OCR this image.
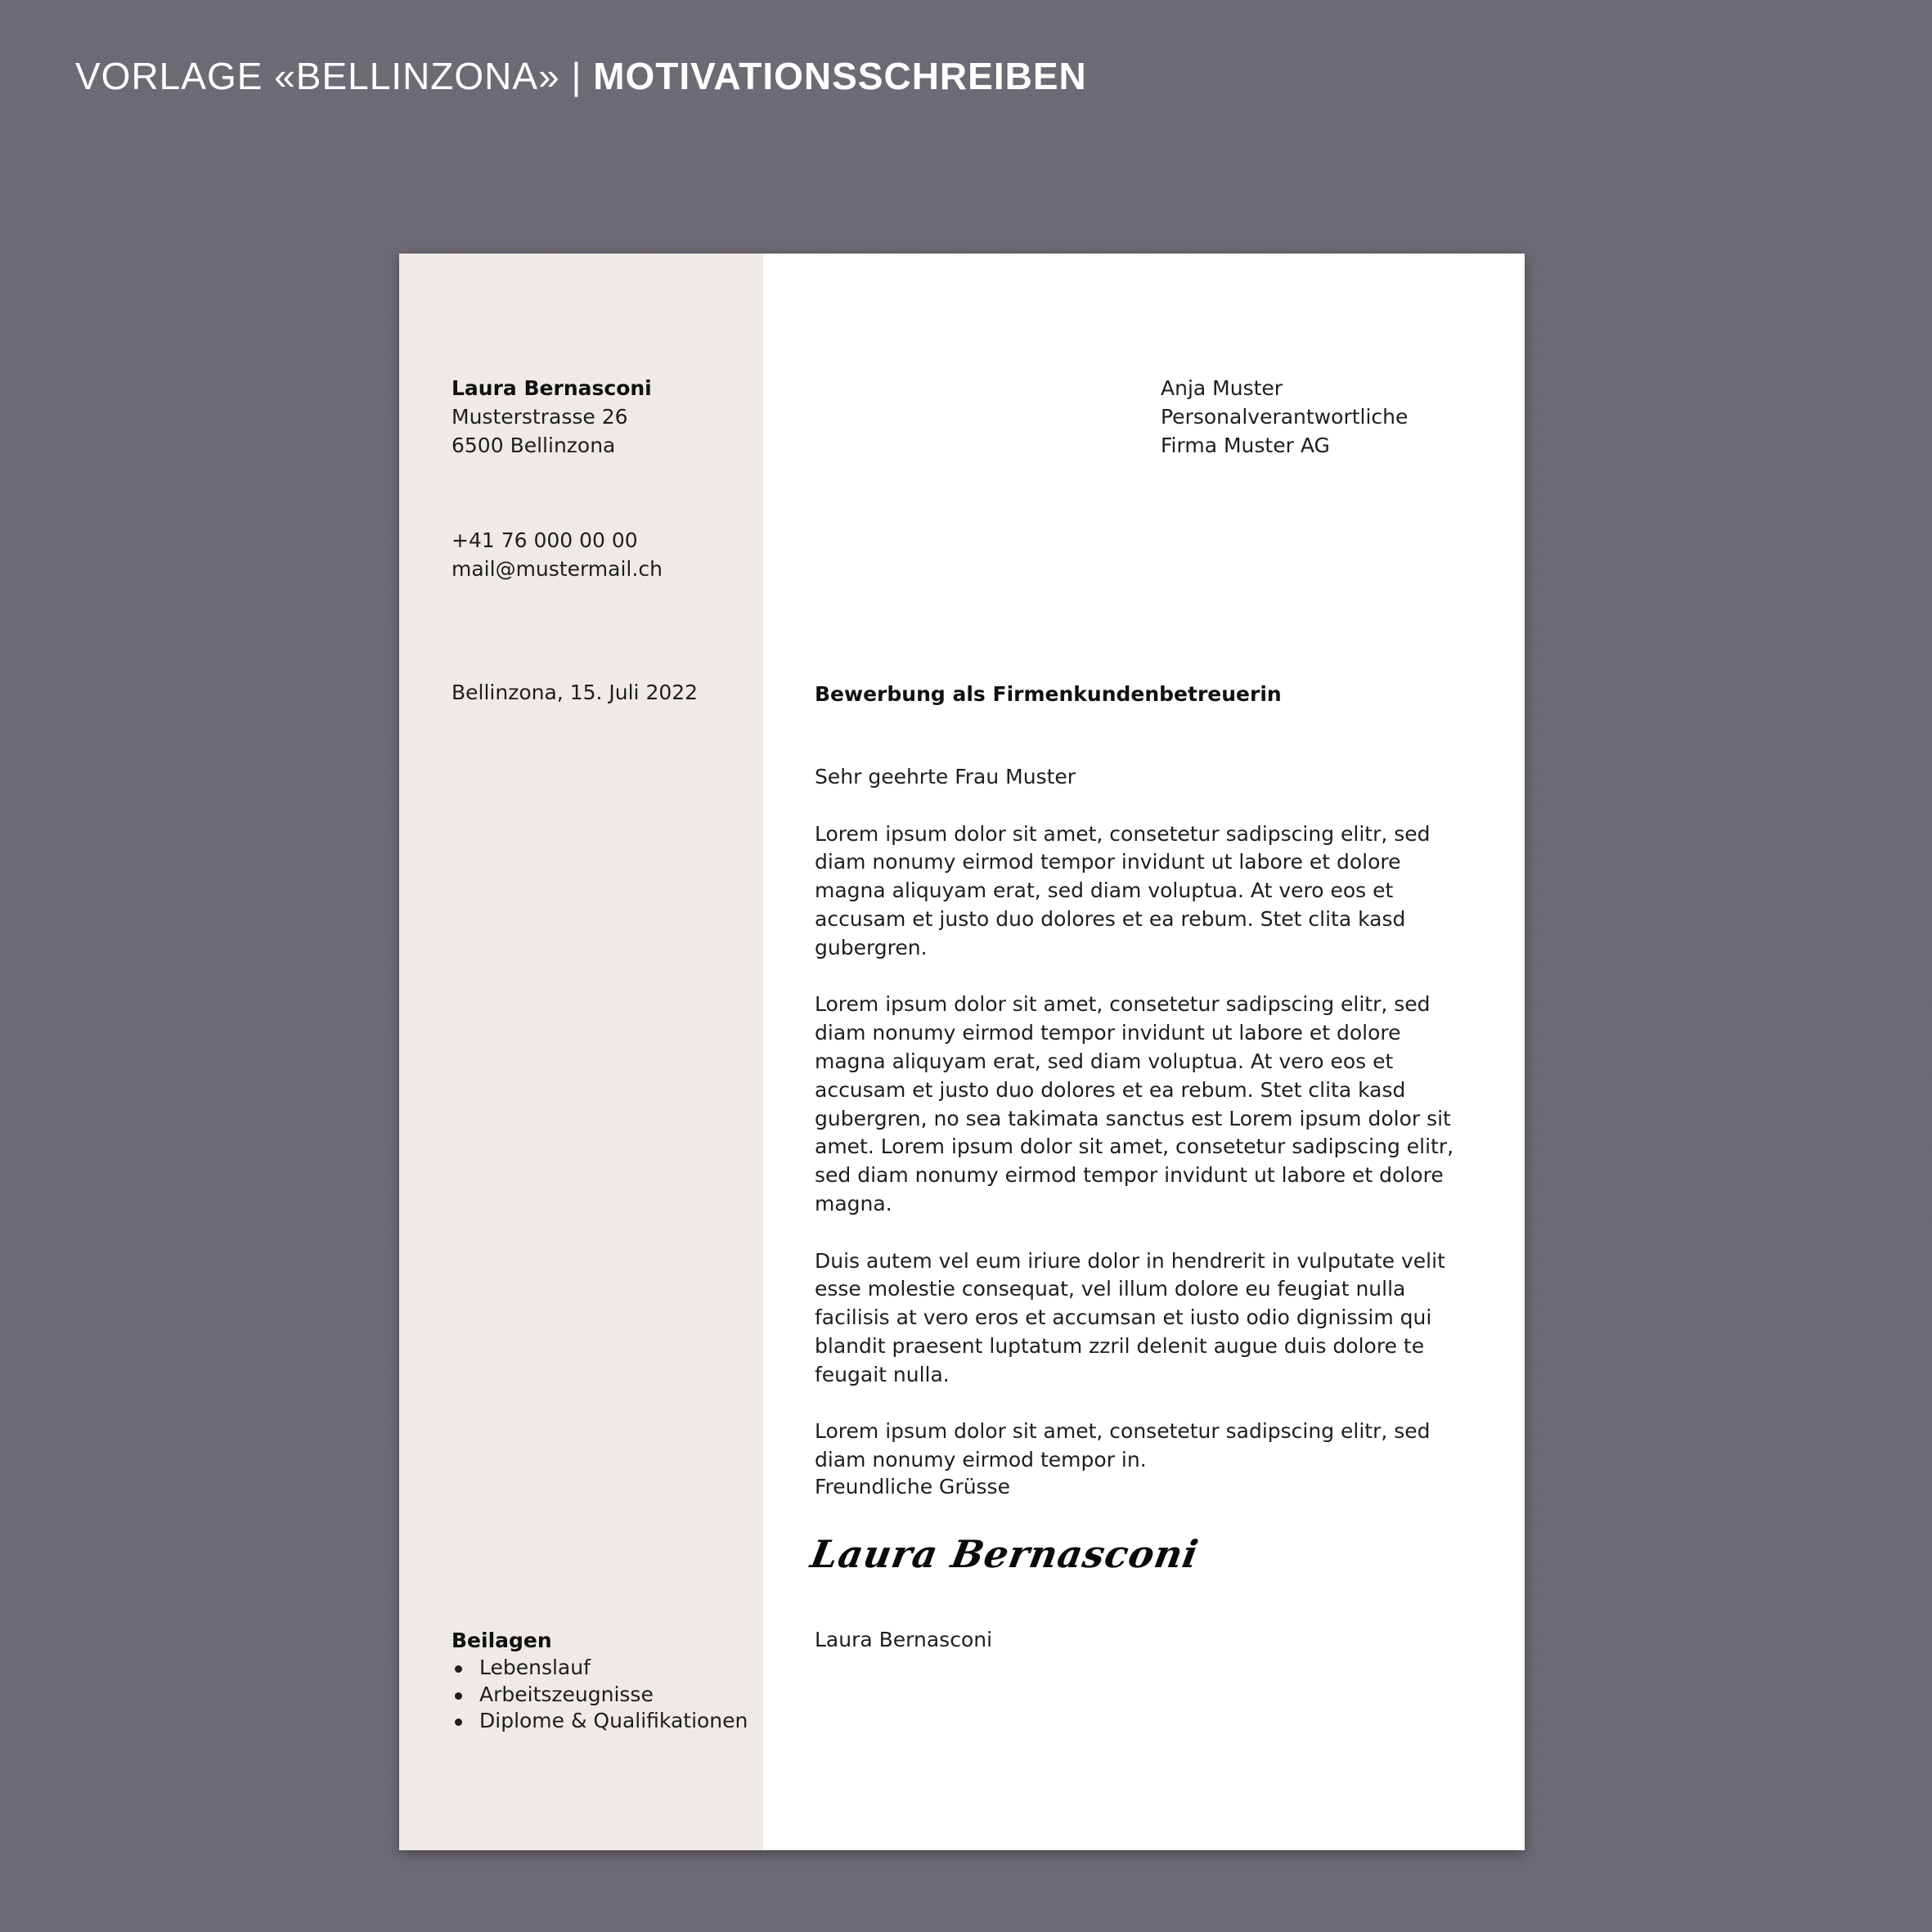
VORLAGE «BELLINZONA» | MOTIVATIONSSCHREIBEN
Laura Bernasconi
Musterstrasse 26
6500 Bellinzona
+41 76 000 00 00
mail@mustermail.ch

Bellinzona, 15. Juli 2022

Anja Muster
Personalverantwortliche
Firma Muster AG

Bewerbung als Firmenkundenbetreuerin

Sehr geehrte Frau Muster

Lorem ipsum dolor sit amet, consetetur sadipscing elitr, sed diam nonumy eirmod tempor invidunt ut labore et dolore magna aliquyam erat, sed diam voluptua. At vero eos et accusam et justo duo dolores et ea rebum. Stet clita kasd gubergren.

Lorem ipsum dolor sit amet, consetetur sadipscing elitr, sed diam nonumy eirmod tempor invidunt ut labore et dolore magna aliquyam erat, sed diam voluptua. At vero eos et accusam et justo duo dolores et ea rebum. Stet clita kasd gubergren, no sea takimata sanctus est Lorem ipsum dolor sit amet. Lorem ipsum dolor sit amet, consetetur sadipscing elitr, sed diam nonumy eirmod tempor invidunt ut labore et dolore magna.

Duis autem vel eum iriure dolor in hendrerit in vulputate velit esse molestie consequat, vel illum dolore eu feugiat nulla facilisis at vero eros et accumsan et iusto odio dignissim qui blandit praesent luptatum zzril delenit augue duis dolore te feugait nulla.

Lorem ipsum dolor sit amet, consetetur sadipscing elitr, sed diam nonumy eirmod tempor in.

Freundliche Grüsse

Laura Bernasconi

Laura Bernasconi

Beilagen

Lebenslauf
Arbeitszeugnisse
Diplome & Qualifikationen
